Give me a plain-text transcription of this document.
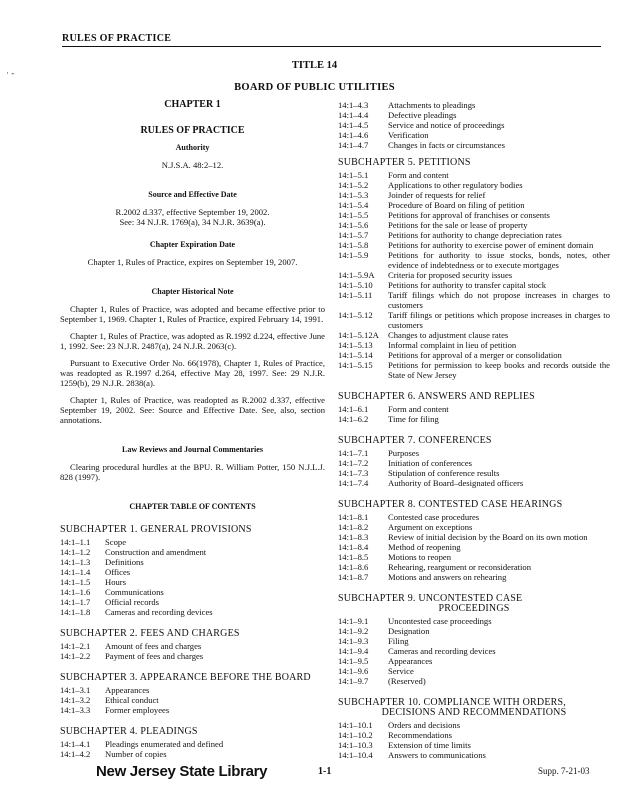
RULES OF PRACTICE
· ‐
TITLE 14
BOARD OF PUBLIC UTILITIES
CHAPTER 1
RULES OF PRACTICE
Authority
N.J.S.A. 48:2–12.
Source and Effective Date
R.2002 d.337, effective September 19, 2002.
See: 34 N.J.R. 1769(a), 34 N.J.R. 3639(a).
Chapter Expiration Date
Chapter 1, Rules of Practice, expires on September 19, 2007.
Chapter Historical Note

Chapter 1, Rules of Practice, was adopted and became effective prior to September 1, 1969. Chapter 1, Rules of Practice, expired February 14, 1991.

Chapter 1, Rules of Practice, was adopted as R.1992 d.224, effective June 1, 1992. See: 23 N.J.R. 2487(a), 24 N.J.R. 2063(c).

Pursuant to Executive Order No. 66(1978), Chapter 1, Rules of Practice, was readopted as R.1997 d.264, effective May 28, 1997. See: 29 N.J.R. 1259(b), 29 N.J.R. 2838(a).

Chapter 1, Rules of Practice, was readopted as R.2002 d.337, effective September 19, 2002. See: Source and Effective Date. See, also, section annotations.

Law Reviews and Journal Commentaries

Clearing procedural hurdles at the BPU. R. William Potter, 150 N.J.L.J. 828 (1997).

CHAPTER TABLE OF CONTENTS
SUBCHAPTER 1. GENERAL PROVISIONS
14:1–1.1	Scope
14:1–1.2	Construction and amendment
14:1–1.3	Definitions
14:1–1.4	Offices
14:1–1.5	Hours
14:1–1.6	Communications
14:1–1.7	Official records
14:1–1.8	Cameras and recording devices
SUBCHAPTER 2. FEES AND CHARGES
14:1–2.1	Amount of fees and charges
14:1–2.2	Payment of fees and charges
SUBCHAPTER 3. APPEARANCE BEFORE THE BOARD
14:1–3.1	Appearances
14:1–3.2	Ethical conduct
14:1–3.3	Former employees
SUBCHAPTER 4. PLEADINGS
14:1–4.1	Pleadings enumerated and defined
14:1–4.2	Number of copies
14:1–4.3	Attachments to pleadings
14:1–4.4	Defective pleadings
14:1–4.5	Service and notice of proceedings
14:1–4.6	Verification
14:1–4.7	Changes in facts or circumstances
SUBCHAPTER 5. PETITIONS
14:1–5.1	Form and content
14:1–5.2	Applications to other regulatory bodies
14:1–5.3	Joinder of requests for relief
14:1–5.4	Procedure of Board on filing of petition
14:1–5.5	Petitions for approval of franchises or consents
14:1–5.6	Petitions for the sale or lease of property
14:1–5.7	Petitions for authority to change depreciation rates
14:1–5.8	Petitions for authority to exercise power of eminent domain
14:1–5.9	Petitions for authority to issue stocks, bonds, notes, other evidence of indebtedness or to execute mortgages
14:1–5.9A	Criteria for proposed security issues
14:1–5.10	Petitions for authority to transfer capital stock
14:1–5.11	Tariff filings which do not propose increases in charges to customers
14:1–5.12	Tariff filings or petitions which propose increases in charges to customers
14:1–5.12A	Changes to adjustment clause rates
14:1–5.13	Informal complaint in lieu of petition
14:1–5.14	Petitions for approval of a merger or consolidation
14:1–5.15	Petitions for permission to keep books and records outside the State of New Jersey
SUBCHAPTER 6. ANSWERS AND REPLIES
14:1–6.1	Form and content
14:1–6.2	Time for filing
SUBCHAPTER 7. CONFERENCES
14:1–7.1	Purposes
14:1–7.2	Initiation of conferences
14:1–7.3	Stipulation of conference results
14:1–7.4	Authority of Board–designated officers
SUBCHAPTER 8. CONTESTED CASE HEARINGS
14:1–8.1	Contested case procedures
14:1–8.2	Argument on exceptions
14:1–8.3	Review of initial decision by the Board on its own motion
14:1–8.4	Method of reopening
14:1–8.5	Motions to reopen
14:1–8.6	Rehearing, reargument or reconsideration
14:1–8.7	Motions and answers on rehearing
SUBCHAPTER 9. UNCONTESTED CASE
PROCEEDINGS
14:1–9.1	Uncontested case proceedings
14:1–9.2	Designation
14:1–9.3	Filing
14:1–9.4	Cameras and recording devices
14:1–9.5	Appearances
14:1–9.6	Service
14:1–9.7	(Reserved)
SUBCHAPTER 10. COMPLIANCE WITH ORDERS,
DECISIONS AND RECOMMENDATIONS
14:1–10.1	Orders and decisions
14:1–10.2	Recommendations
14:1–10.3	Extension of time limits
14:1–10.4	Answers to communications
New Jersey State Library	1-1	Supp. 7-21-03
